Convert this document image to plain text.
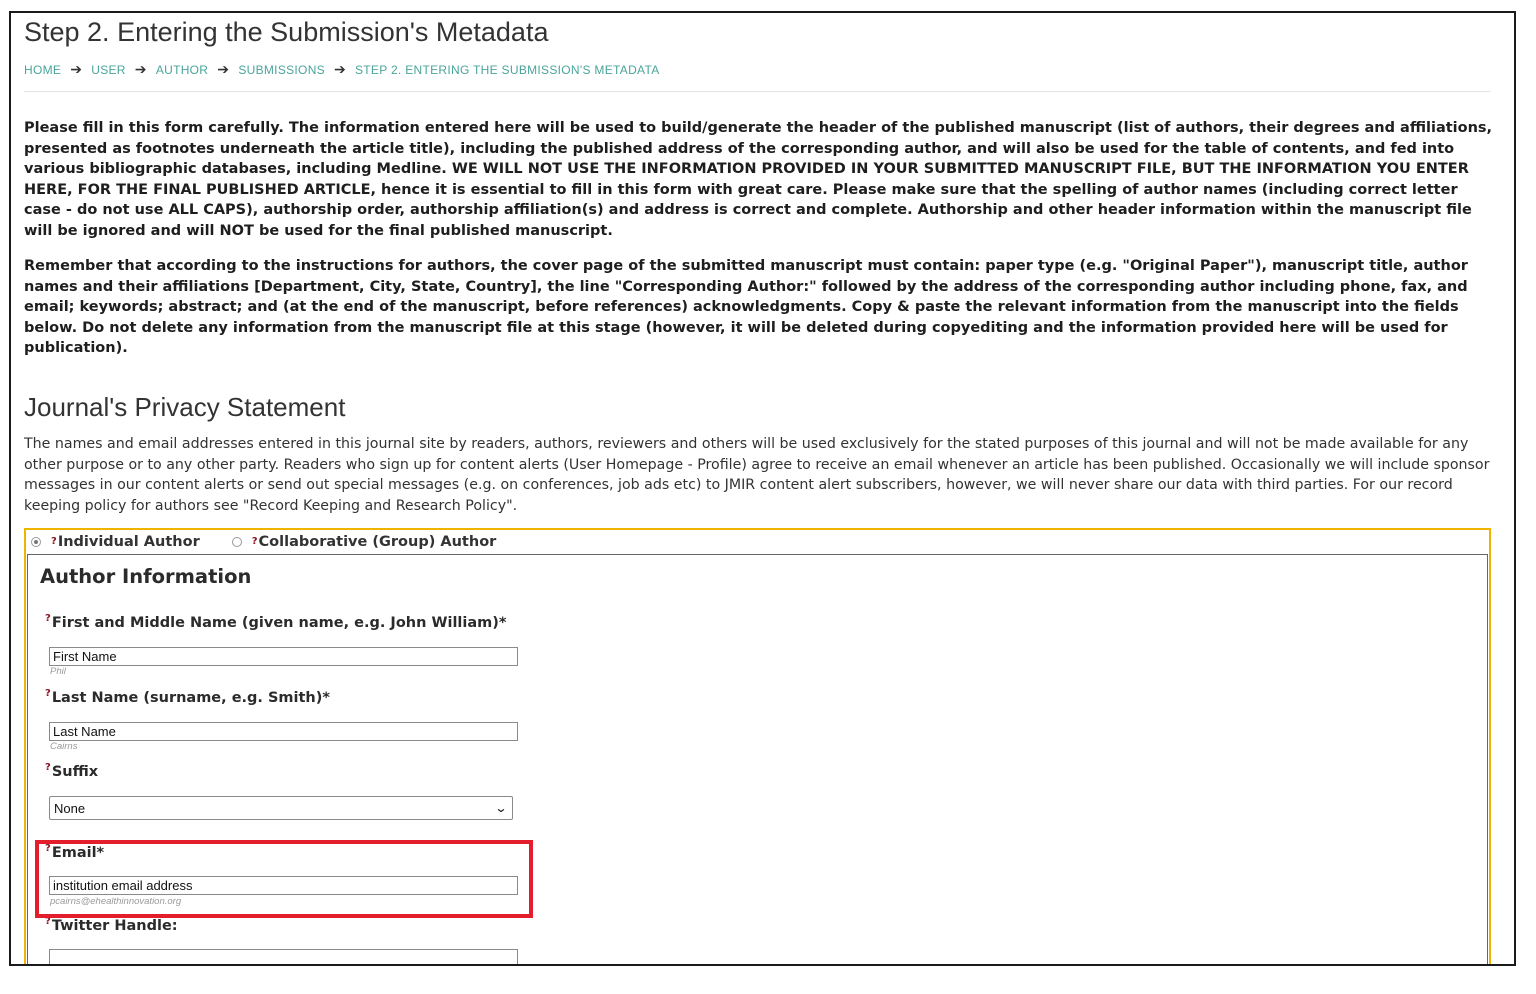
Step 2. Entering the Submission's Metadata
HOME ➔ USER ➔ AUTHOR ➔ SUBMISSIONS ➔ STEP 2. ENTERING THE SUBMISSION'S METADATA

Please fill in this form carefully. The information entered here will be used to build/generate the header of the published manuscript (list of authors, their degrees and affiliations, presented as footnotes underneath the article title), including the published address of the corresponding author, and will also be used for the table of contents, and fed into various bibliographic databases, including Medline. WE WILL NOT USE THE INFORMATION PROVIDED IN YOUR SUBMITTED MANUSCRIPT FILE, BUT THE INFORMATION YOU ENTER HERE, FOR THE FINAL PUBLISHED ARTICLE, hence it is essential to fill in this form with great care. Please make sure that the spelling of author names (including correct letter case - do not use ALL CAPS), authorship order, authorship affiliation(s) and address is correct and complete. Authorship and other header information within the manuscript file will be ignored and will NOT be used for the final published manuscript.

Remember that according to the instructions for authors, the cover page of the submitted manuscript must contain: paper type (e.g. "Original Paper"), manuscript title, author names and their affiliations [Department, City, State, Country], the line "Corresponding Author:" followed by the address of the corresponding author including phone, fax, and email; keywords; abstract; and (at the end of the manuscript, before references) acknowledgments. Copy & paste the relevant information from the manuscript into the fields below. Do not delete any information from the manuscript file at this stage (however, it will be deleted during copyediting and the information provided here will be used for publication).

Journal's Privacy Statement

The names and email addresses entered in this journal site by readers, authors, reviewers and others will be used exclusively for the stated purposes of this journal and will not be made available for any other purpose or to any other party. Readers who sign up for content alerts (User Homepage - Profile) agree to receive an email whenever an article has been published. Occasionally we will include sponsor messages in our content alerts or send out special messages (e.g. on conferences, job ads etc) to JMIR content alert subscribers, however, we will never share our data with third parties. For our record keeping policy for authors see "Record Keeping and Research Policy".

? Individual Author	? Collaborative (Group) Author
Author Information
?First and Middle Name (given name, e.g. John William)*
First Name
Phil
?Last Name (surname, e.g. Smith)*
Last Name
Cairns
?Suffix
None	⌄
?Email*
institution email address
pcairns@ehealthinnovation.org
?Twitter Handle:
